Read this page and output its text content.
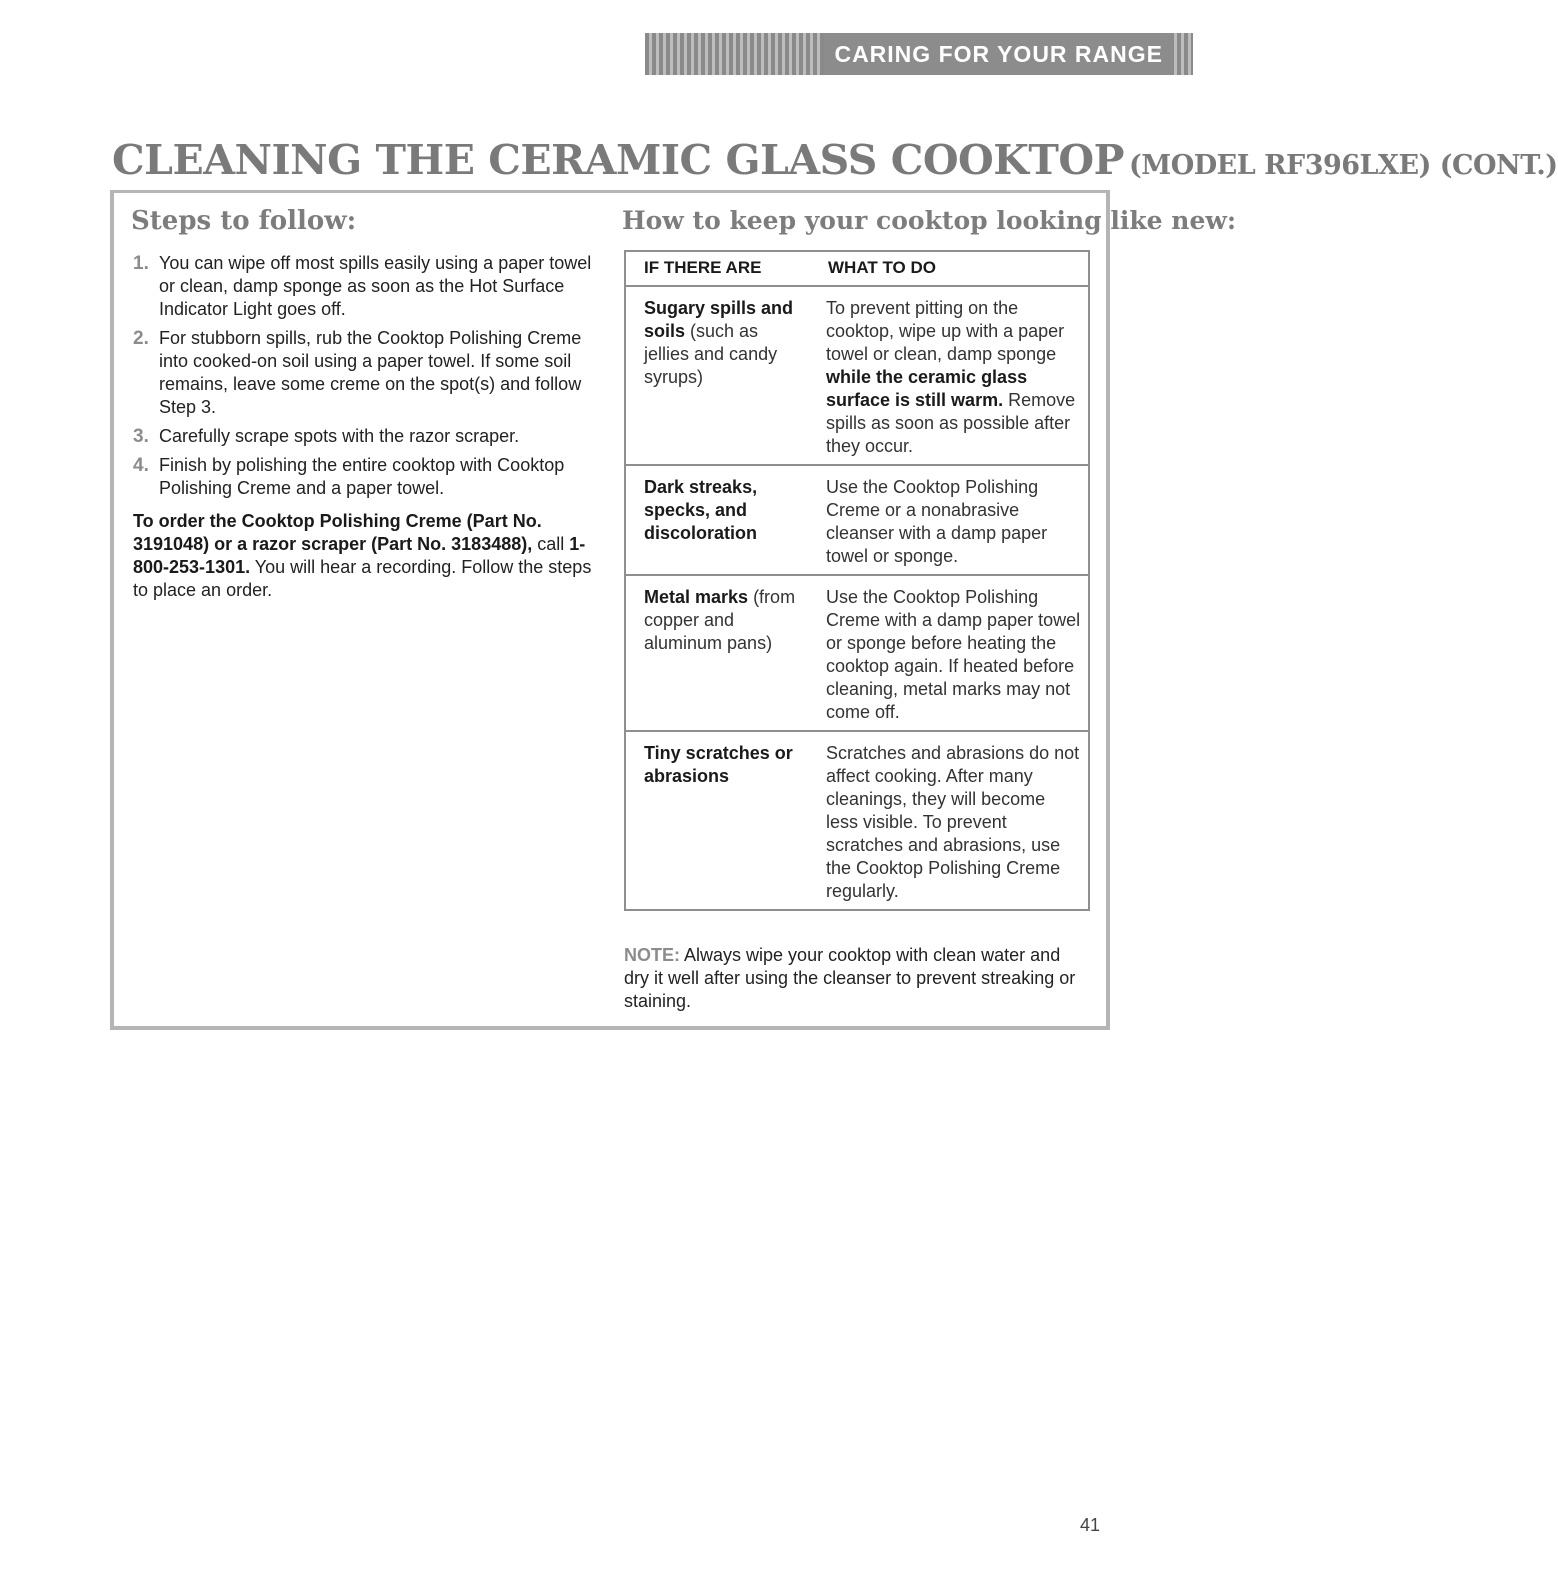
CARING FOR YOUR RANGE
CLEANING THE CERAMIC GLASS COOKTOP (MODEL RF396LXE) (CONT.)
Steps to follow:	How to keep your cooktop looking like new:
1. You can wipe off most spills easily using a paper towel or clean, damp sponge as soon as the Hot Surface Indicator Light goes off.
2. For stubborn spills, rub the Cooktop Polishing Creme into cooked-on soil using a paper towel. If some soil remains, leave some creme on the spot(s) and follow Step 3.
3. Carefully scrape spots with the razor scraper.
4. Finish by polishing the entire cooktop with Cooktop Polishing Creme and a paper towel.
To order the Cooktop Polishing Creme (Part No. 3191048) or a razor scraper (Part No. 3183488), call 1-800-253-1301. You will hear a recording. Follow the steps to place an order.
IF THERE ARE	WHAT TO DO
Sugary spills and soils (such as jellies and candy syrups)	To prevent pitting on the cooktop, wipe up with a paper towel or clean, damp sponge while the ceramic glass surface is still warm. Remove spills as soon as possible after they occur.
Dark streaks, specks, and discoloration	Use the Cooktop Polishing Creme or a nonabrasive cleanser with a damp paper towel or sponge.
Metal marks (from copper and aluminum pans)	Use the Cooktop Polishing Creme with a damp paper towel or sponge before heating the cooktop again. If heated before cleaning, metal marks may not come off.
Tiny scratches or abrasions	Scratches and abrasions do not affect cooking. After many cleanings, they will become less visible. To prevent scratches and abrasions, use the Cooktop Polishing Creme regularly.
NOTE: Always wipe your cooktop with clean water and dry it well after using the cleanser to prevent streaking or staining.
41
